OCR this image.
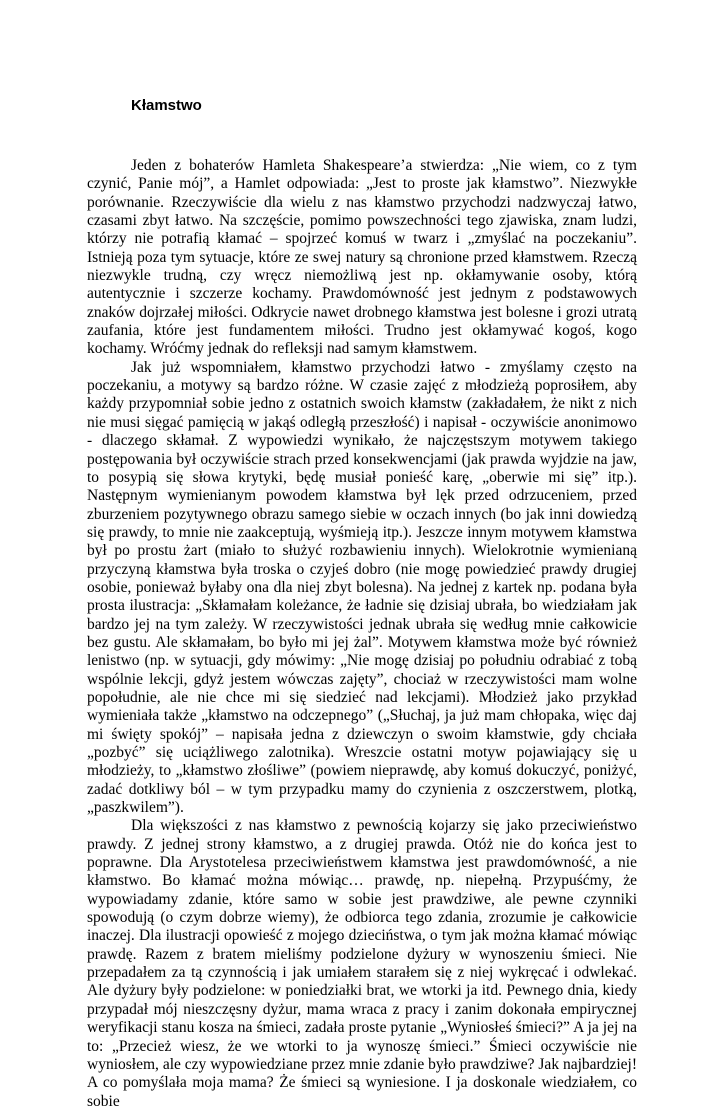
Kłamstwo

Jeden z bohaterów Hamleta Shakespeare’a stwierdza: „Nie wiem, co z tym czynić, Panie mój”, a Hamlet odpowiada: „Jest to proste jak kłamstwo”. Niezwykłe porównanie. Rzeczywiście dla wielu z nas kłamstwo przychodzi nadzwyczaj łatwo, czasami zbyt łatwo. Na szczęście, pomimo powszechności tego zjawiska, znam ludzi, którzy nie potrafią kłamać – spojrzeć komuś w twarz i „zmyślać na poczekaniu”. Istnieją poza tym sytuacje, które ze swej natury są chronione przed kłamstwem. Rzeczą niezwykle trudną, czy wręcz niemożliwą jest np. okłamywanie osoby, którą autentycznie i szczerze kochamy. Prawdomówność jest jednym z podstawowych znaków dojrzałej miłości. Odkrycie nawet drobnego kłamstwa jest bolesne i grozi utratą zaufania, które jest fundamentem miłości. Trudno jest okłamywać kogoś, kogo kochamy. Wróćmy jednak do refleksji nad samym kłamstwem.

Jak już wspomniałem, kłamstwo przychodzi łatwo - zmyślamy często na poczekaniu, a motywy są bardzo różne. W czasie zajęć z młodzieżą poprosiłem, aby każdy przypomniał sobie jedno z ostatnich swoich kłamstw (zakładałem, że nikt z nich nie musi sięgać pamięcią w jakąś odległą przeszłość) i napisał - oczywiście anonimowo - dlaczego skłamał. Z wypowiedzi wynikało, że najczęstszym motywem takiego postępowania był oczywiście strach przed konsekwencjami (jak prawda wyjdzie na jaw, to posypią się słowa krytyki, będę musiał ponieść karę, „oberwie mi się” itp.). Następnym wymienianym powodem kłamstwa był lęk przed odrzuceniem, przed zburzeniem pozytywnego obrazu samego siebie w oczach innych (bo jak inni dowiedzą się prawdy, to mnie nie zaakceptują, wyśmieją itp.). Jeszcze innym motywem kłamstwa był po prostu żart (miało to służyć rozbawieniu innych). Wielokrotnie wymienianą przyczyną kłamstwa była troska o czyjeś dobro (nie mogę powiedzieć prawdy drugiej osobie, ponieważ byłaby ona dla niej zbyt bolesna). Na jednej z kartek np. podana była prosta ilustracja: „Skłamałam koleżance, że ładnie się dzisiaj ubrała, bo wiedziałam jak bardzo jej na tym zależy. W rzeczywistości jednak ubrała się według mnie całkowicie bez gustu. Ale skłamałam, bo było mi jej żal”. Motywem kłamstwa może być również lenistwo (np. w sytuacji, gdy mówimy: „Nie mogę dzisiaj po południu odrabiać z tobą wspólnie lekcji, gdyż jestem wówczas zajęty”, chociaż w rzeczywistości mam wolne popołudnie, ale nie chce mi się siedzieć nad lekcjami). Młodzież jako przykład wymieniała także „kłamstwo na odczepnego” („Słuchaj, ja już mam chłopaka, więc daj mi święty spokój” – napisała jedna z dziewczyn o swoim kłamstwie, gdy chciała „pozbyć” się uciążliwego zalotnika). Wreszcie ostatni motyw pojawiający się u młodzieży, to „kłamstwo złośliwe” (powiem nieprawdę, aby komuś dokuczyć, poniżyć, zadać dotkliwy ból – w tym przypadku mamy do czynienia z oszczerstwem, plotką, „paszkwilem”).

Dla większości z nas kłamstwo z pewnością kojarzy się jako przeciwieństwo prawdy. Z jednej strony kłamstwo, a z drugiej prawda. Otóż nie do końca jest to poprawne. Dla Arystotelesa przeciwieństwem kłamstwa jest prawdomówność, a nie kłamstwo. Bo kłamać można mówiąc… prawdę, np. niepełną. Przypuśćmy, że wypowiadamy zdanie, które samo w sobie jest prawdziwe, ale pewne czynniki spowodują (o czym dobrze wiemy), że odbiorca tego zdania, zrozumie je całkowicie inaczej. Dla ilustracji opowieść z mojego dzieciństwa, o tym jak można kłamać mówiąc prawdę. Razem z bratem mieliśmy podzielone dyżury w wynoszeniu śmieci. Nie przepadałem za tą czynnością i jak umiałem starałem się z niej wykręcać i odwlekać. Ale dyżury były podzielone: w poniedziałki brat, we wtorki ja itd. Pewnego dnia, kiedy przypadał mój nieszczęsny dyżur, mama wraca z pracy i zanim dokonała empirycznej weryfikacji stanu kosza na śmieci, zadała proste pytanie „Wyniosłeś śmieci?” A ja jej na to: „Przecież wiesz, że we wtorki to ja wynoszę śmieci.” Śmieci oczywiście nie wyniosłem, ale czy wypowiedziane przez mnie zdanie było prawdziwe? Jak najbardziej! A co pomyślała moja mama? Że śmieci są wyniesione. I ja doskonale wiedziałem, co sobie
